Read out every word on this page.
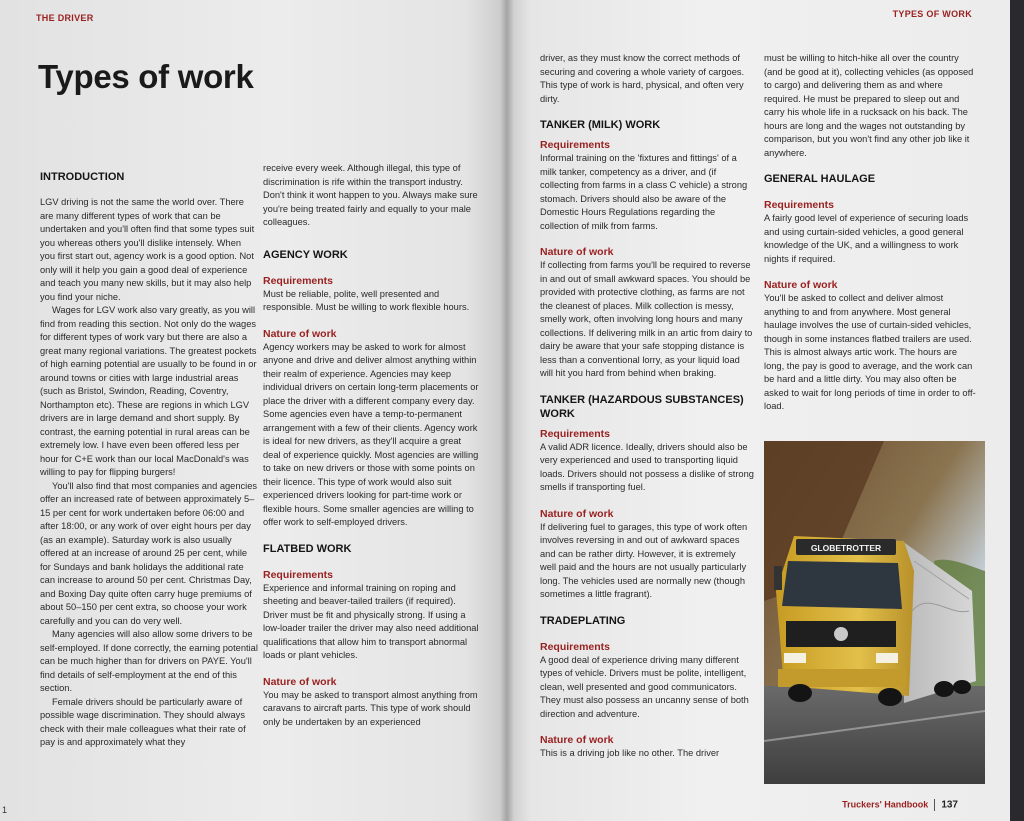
THE DRIVER
Types of work
INTRODUCTION

LGV driving is not the same the world over. There are many different types of work that can be undertaken and you'll often find that some types suit you whereas others you'll dislike intensely. When you first start out, agency work is a good option. Not only will it help you gain a good deal of experience and teach you many new skills, but it may also help you find your niche.

Wages for LGV work also vary greatly, as you will find from reading this section. Not only do the wages for different types of work vary but there are also a great many regional variations. The greatest pockets of high earning potential are usually to be found in or around towns or cities with large industrial areas (such as Bristol, Swindon, Reading, Coventry, Northampton etc). These are regions in which LGV drivers are in large demand and short supply. By contrast, the earning potential in rural areas can be extremely low. I have even been offered less per hour for C+E work than our local MacDonald's was willing to pay for flipping burgers!

You'll also find that most companies and agencies offer an increased rate of between approximately 5–15 per cent for work undertaken before 06:00 and after 18:00, or any work of over eight hours per day (as an example). Saturday work is also usually offered at an increase of around 25 per cent, while for Sundays and bank holidays the additional rate can increase to around 50 per cent. Christmas Day, and Boxing Day quite often carry huge premiums of about 50–150 per cent extra, so choose your work carefully and you can do very well.

Many agencies will also allow some drivers to be self-employed. If done correctly, the earning potential can be much higher than for drivers on PAYE. You'll find details of self-employment at the end of this section.

Female drivers should be particularly aware of possible wage discrimination. They should always check with their male colleagues what their rate of pay is and approximately what they

receive every week. Although illegal, this type of discrimination is rife within the transport industry. Don't think it wont happen to you. Always make sure you're being treated fairly and equally to your male colleagues.

AGENCY WORK
Requirements

Must be reliable, polite, well presented and responsible. Must be willing to work flexible hours.

Nature of work

Agency workers may be asked to work for almost anyone and drive and deliver almost anything within their realm of experience. Agencies may keep individual drivers on certain long-term placements or place the driver with a different company every day. Some agencies even have a temp-to-permanent arrangement with a few of their clients. Agency work is ideal for new drivers, as they'll acquire a great deal of experience quickly. Most agencies are willing to take on new drivers or those with some points on their licence. This type of work would also suit experienced drivers looking for part-time work or flexible hours. Some smaller agencies are willing to offer work to self-employed drivers.

FLATBED WORK
Requirements

Experience and informal training on roping and sheeting and beaver-tailed trailers (if required). Driver must be fit and physically strong. If using a low-loader trailer the driver may also need additional qualifications that allow him to transport abnormal loads or plant vehicles.

Nature of work

You may be asked to transport almost anything from caravans to aircraft parts. This type of work should only be undertaken by an experienced

1
TYPES OF WORK

driver, as they must know the correct methods of securing and covering a whole variety of cargoes. This type of work is hard, physical, and often very dirty.

TANKER (MILK) WORK
Requirements

Informal training on the 'fixtures and fittings' of a milk tanker, competency as a driver, and (if collecting from farms in a class C vehicle) a strong stomach. Drivers should also be aware of the Domestic Hours Regulations regarding the collection of milk from farms.

Nature of work

If collecting from farms you'll be required to reverse in and out of small awkward spaces. You should be provided with protective clothing, as farms are not the cleanest of places. Milk collection is messy, smelly work, often involving long hours and many collections. If delivering milk in an artic from dairy to dairy be aware that your safe stopping distance is less than a conventional lorry, as your liquid load will hit you hard from behind when braking.

TANKER (HAZARDOUS SUBSTANCES) WORK
Requirements

A valid ADR licence. Ideally, drivers should also be very experienced and used to transporting liquid loads. Drivers should not possess a dislike of strong smells if transporting fuel.

Nature of work

If delivering fuel to garages, this type of work often involves reversing in and out of awkward spaces and can be rather dirty. However, it is extremely well paid and the hours are not usually particularly long. The vehicles used are normally new (though sometimes a little fragrant).

TRADEPLATING
Requirements

A good deal of experience driving many different types of vehicle. Drivers must be polite, intelligent, clean, well presented and good communicators. They must also possess an uncanny sense of both direction and adventure.

Nature of work

This is a driving job like no other. The driver

must be willing to hitch-hike all over the country (and be good at it), collecting vehicles (as opposed to cargo) and delivering them as and where required. He must be prepared to sleep out and carry his whole life in a rucksack on his back. The hours are long and the wages not outstanding by comparison, but you won't find any other job like it anywhere.

GENERAL HAULAGE
Requirements

A fairly good level of experience of securing loads and using curtain-sided vehicles, a good general knowledge of the UK, and a willingness to work nights if required.

Nature of work

You'll be asked to collect and deliver almost anything to and from anywhere. Most general haulage involves the use of curtain-sided vehicles, though in some instances flatbed trailers are used. This is almost always artic work. The hours are long, the pay is good to average, and the work can be hard and a little dirty. You may also often be asked to wait for long periods of time in order to off-load.

Truckers' Handbook 137
GLOBETROTTER
